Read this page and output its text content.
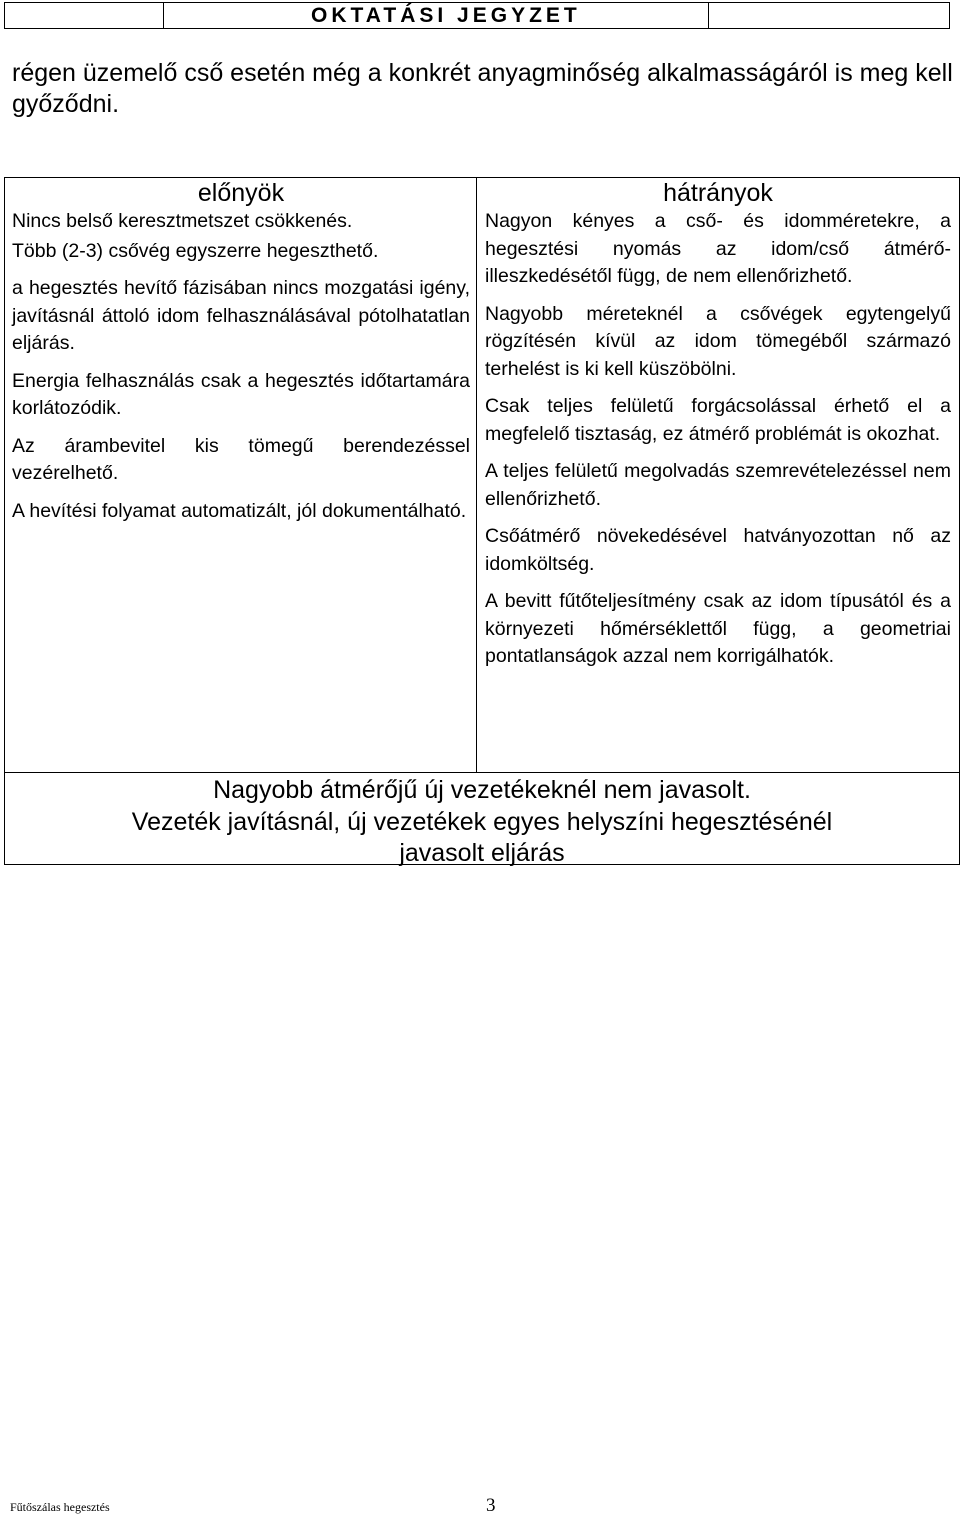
OKTATÁSI JEGYZET

régen üzemelő cső esetén még a konkrét anyagminőség alkalmasságáról is meg kell győződni.

előnyök

Nincs belső keresztmetszet csökkenés.

Több (2-3) csővég egyszerre hegeszthető.

a hegesztés hevítő fázisában nincs mozgatási igény, javításnál áttoló idom felhasználásával pótolhatatlan eljárás.

Energia felhasználás csak a hegesztés időtartamára korlátozódik.

Az árambevitel kis tömegű berendezéssel vezérelhető.

A hevítési folyamat automatizált, jól dokumentálható.

hátrányok

Nagyon kényes a cső- és idomméretekre, a hegesztési nyomás az idom/cső átmérő-illeszkedésétől függ, de nem ellenőrizhető.

Nagyobb méreteknél a csővégek egytengelyű rögzítésén kívül az idom tömegéből származó terhelést is ki kell küszöbölni.

Csak teljes felületű forgácsolással érhető el a megfelelő tisztaság, ez átmérő problémát is okozhat.

A teljes felületű megolvadás szemrevételezéssel nem ellenőrizhető.

Csőátmérő növekedésével hatványozottan nő az idomköltség.

A bevitt fűtőteljesítmény csak az idom típusától és a környezeti hőmérséklettől függ, a geometriai pontatlanságok azzal nem korrigálhatók.

Nagyobb átmérőjű új vezetékeknél nem javasolt.
Vezeték javításnál, új vezetékek egyes helyszíni hegesztésénél
javasolt eljárás
Fűtőszálas hegesztés	3
